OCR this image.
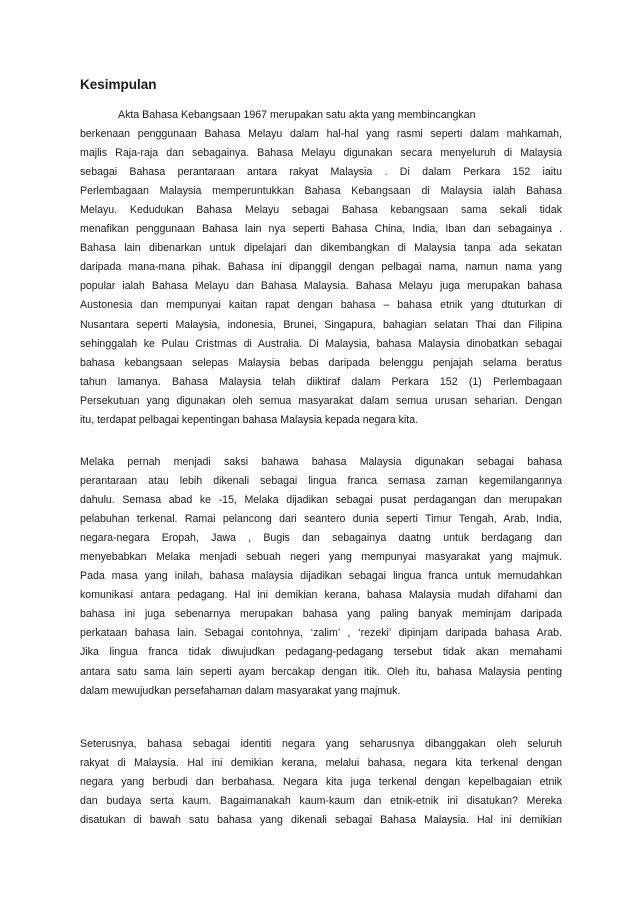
Kesimpulan
Akta Bahasa Kebangsaan 1967 merupakan satu akta yang membincangkan
berkenaan penggunaan Bahasa Melayu dalam hal-hal yang rasmi seperti dalam mahkamah,
majlis Raja-raja dan sebagainya. Bahasa Melayu digunakan secara menyeluruh di Malaysia
sebagai Bahasa perantaraan antara rakyat Malaysia . Di dalam Perkara 152 iaitu
Perlembagaan Malaysia memperuntukkan Bahasa Kebangsaan di Malaysia ialah Bahasa
Melayu. Kedudukan Bahasa Melayu sebagai Bahasa kebangsaan sama sekali tidak
menafikan penggunaan Bahasa lain nya seperti Bahasa China, India, Iban dan sebagainya .
Bahasa lain dibenarkan untuk dipelajari dan dikembangkan di Malaysia tanpa ada sekatan
daripada mana-mana pihak. Bahasa ini dipanggil dengan pelbagai nama, namun nama yang
popular ialah Bahasa Melayu dan Bahasa Malaysia. Bahasa Melayu juga merupakan bahasa
Austonesia dan mempunyai kaitan rapat dengan bahasa – bahasa etnik yang dtuturkan di
Nusantara seperti Malaysia, indonesia, Brunei, Singapura, bahagian selatan Thai dan Filipina
sehinggalah ke Pulau Cristmas di Australia. Di Malaysia, bahasa Malaysia dinobatkan sebagai
bahasa kebangsaan selepas Malaysia bebas daripada belenggu penjajah selama beratus
tahun lamanya. Bahasa Malaysia telah diiktiraf dalam Perkara 152 (1) Perlembagaan
Persekutuan yang digunakan oleh semua masyarakat dalam semua urusan seharian. Dengan
itu, terdapat pelbagai kepentingan bahasa Malaysia kepada negara kita.
Melaka pernah menjadi saksi bahawa bahasa Malaysia digunakan sebagai bahasa
perantaraan atau lebih dikenali sebagai lingua franca semasa zaman kegemilangannya
dahulu. Semasa abad ke -15, Melaka dijadikan sebagai pusat perdagangan dan merupakan
pelabuhan terkenal. Ramai pelancong dari seantero dunia seperti Timur Tengah, Arab, India,
negara-negara Eropah, Jawa , Bugis dan sebagainya daatng untuk berdagang dan
menyebabkan Melaka menjadi sebuah negeri yang mempunyai masyarakat yang majmuk.
Pada masa yang inilah, bahasa malaysia dijadikan sebagai lingua franca untuk memudahkan
komunikasi antara pedagang. Hal ini demikian kerana, bahasa Malaysia mudah difahami dan
bahasa ini juga sebenarnya merupakan bahasa yang paling banyak meminjam daripada
perkataan bahasa lain. Sebagai contohnya, ‘zalim’ , ‘rezeki’ dipinjam daripada bahasa Arab.
Jika lingua franca tidak diwujudkan pedagang-pedagang tersebut tidak akan memahami
antara satu sama lain seperti ayam bercakap dengan itik. Oleh itu, bahasa Malaysia penting
dalam mewujudkan persefahaman dalam masyarakat yang majmuk.
Seterusnya, bahasa sebagai identiti negara yang seharusnya dibanggakan oleh seluruh
rakyat di Malaysia. Hal ini demikian kerana, melalui bahasa, negara kita terkenal dengan
negara yang berbudi dan berbahasa. Negara kita juga terkenal dengan kepelbagaian etnik
dan budaya serta kaum. Bagaimanakah kaum-kaum dan etnik-etnik ini disatukan? Mereka
disatukan di bawah satu bahasa yang dikenali sebagai Bahasa Malaysia. Hal ini demikian
